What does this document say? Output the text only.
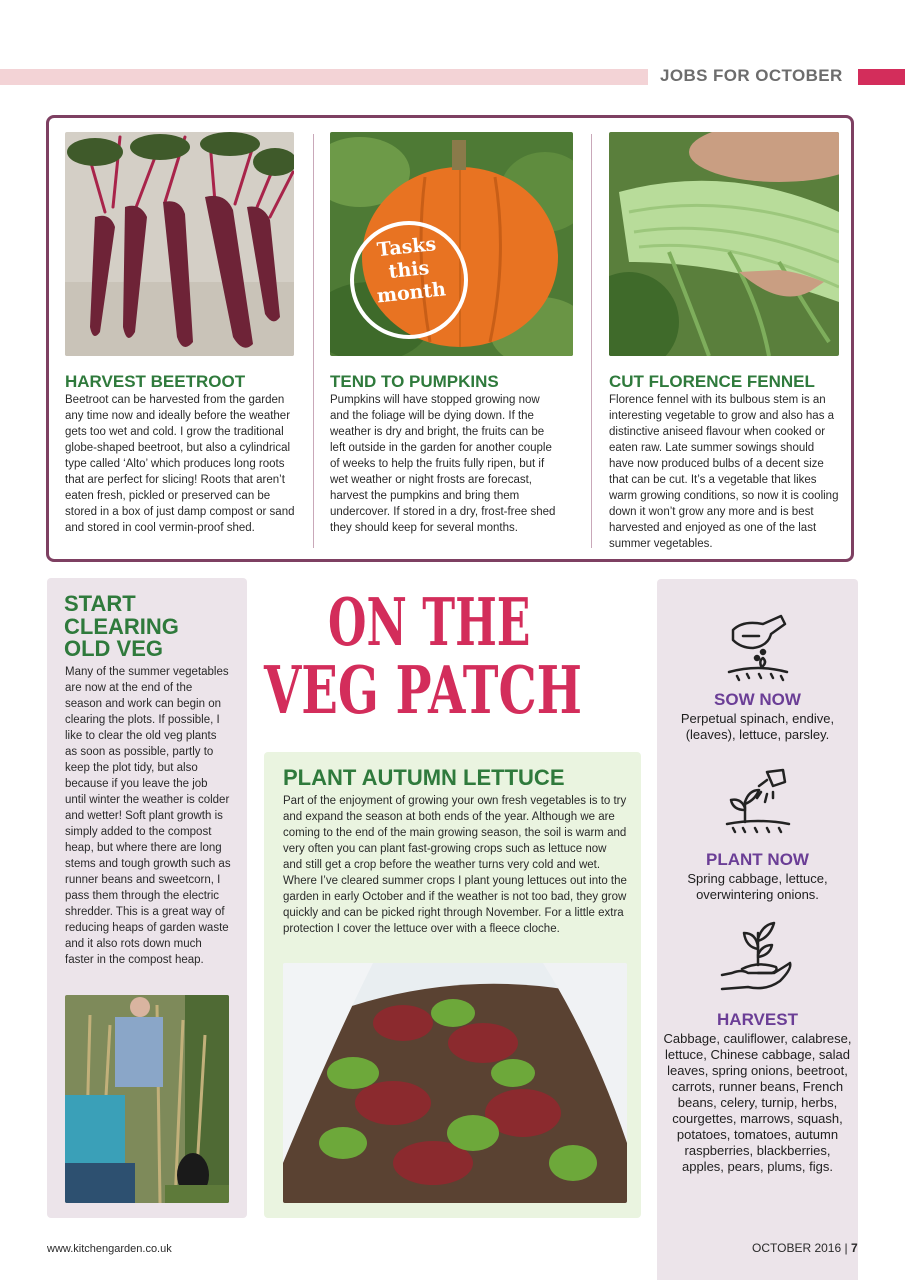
JOBS FOR OCTOBER
Tasks
this
month
HARVEST BEETROOT

Beetroot can be harvested from the garden any time now and ideally before the weather gets too wet and cold. I grow the traditional globe-shaped beetroot, but also a cylindrical type called ‘Alto’ which produces long roots that are perfect for slicing! Roots that aren’t eaten fresh, pickled or preserved can be stored in a box of just damp compost or sand and stored in cool vermin-proof shed.

TEND TO PUMPKINS

Pumpkins will have stopped growing now and the foliage will be dying down. If the weather is dry and bright, the fruits can be left outside in the garden for another couple of weeks to help the fruits fully ripen, but if wet weather or night frosts are forecast, harvest the pumpkins and bring them undercover. If stored in a dry, frost-free shed they should keep for several months.

CUT FLORENCE FENNEL

Florence fennel with its bulbous stem is an interesting vegetable to grow and also has a distinctive aniseed flavour when cooked or eaten raw. Late summer sowings should have now produced bulbs of a decent size that can be cut. It’s a vegetable that likes warm growing conditions, so now it is cooling down it won’t grow any more and is best harvested and enjoyed as one of the last summer vegetables.

START
CLEARING
OLD VEG

Many of the summer vegetables are now at the end of the season and work can begin on clearing the plots. If possible, I like to clear the old veg plants as soon as possible, partly to keep the plot tidy, but also because if you leave the job until winter the weather is colder and wetter! Soft plant growth is simply added to the compost heap, but where there are long stems and tough growth such as runner beans and sweetcorn, I pass them through the electric shredder. This is a great way of reducing heaps of garden waste and it also rots down much faster in the compost heap.

ON THE
VEG PATCH
PLANT AUTUMN LETTUCE

Part of the enjoyment of growing your own fresh vegetables is to try and expand the season at both ends of the year. Although we are coming to the end of the main growing season, the soil is warm and very often you can plant fast-growing crops such as lettuce now and still get a crop before the weather turns very cold and wet. Where I’ve cleared summer crops I plant young lettuces out into the garden in early October and if the weather is not too bad, they grow quickly and can be picked right through November. For a little extra protection I cover the lettuce over with a fleece cloche.

SOW NOW

Perpetual spinach, endive, (leaves), lettuce, parsley.

PLANT NOW

Spring cabbage, lettuce, overwintering onions.

HARVEST

Cabbage, cauliflower, calabrese, lettuce, Chinese cabbage, salad leaves, spring onions, beetroot, carrots, runner beans, French beans, celery, turnip, herbs, courgettes, marrows, squash, potatoes, tomatoes, autumn raspberries, blackberries, apples, pears, plums, figs.

www.kitchengarden.co.uk	OCTOBER 2016 | 7
